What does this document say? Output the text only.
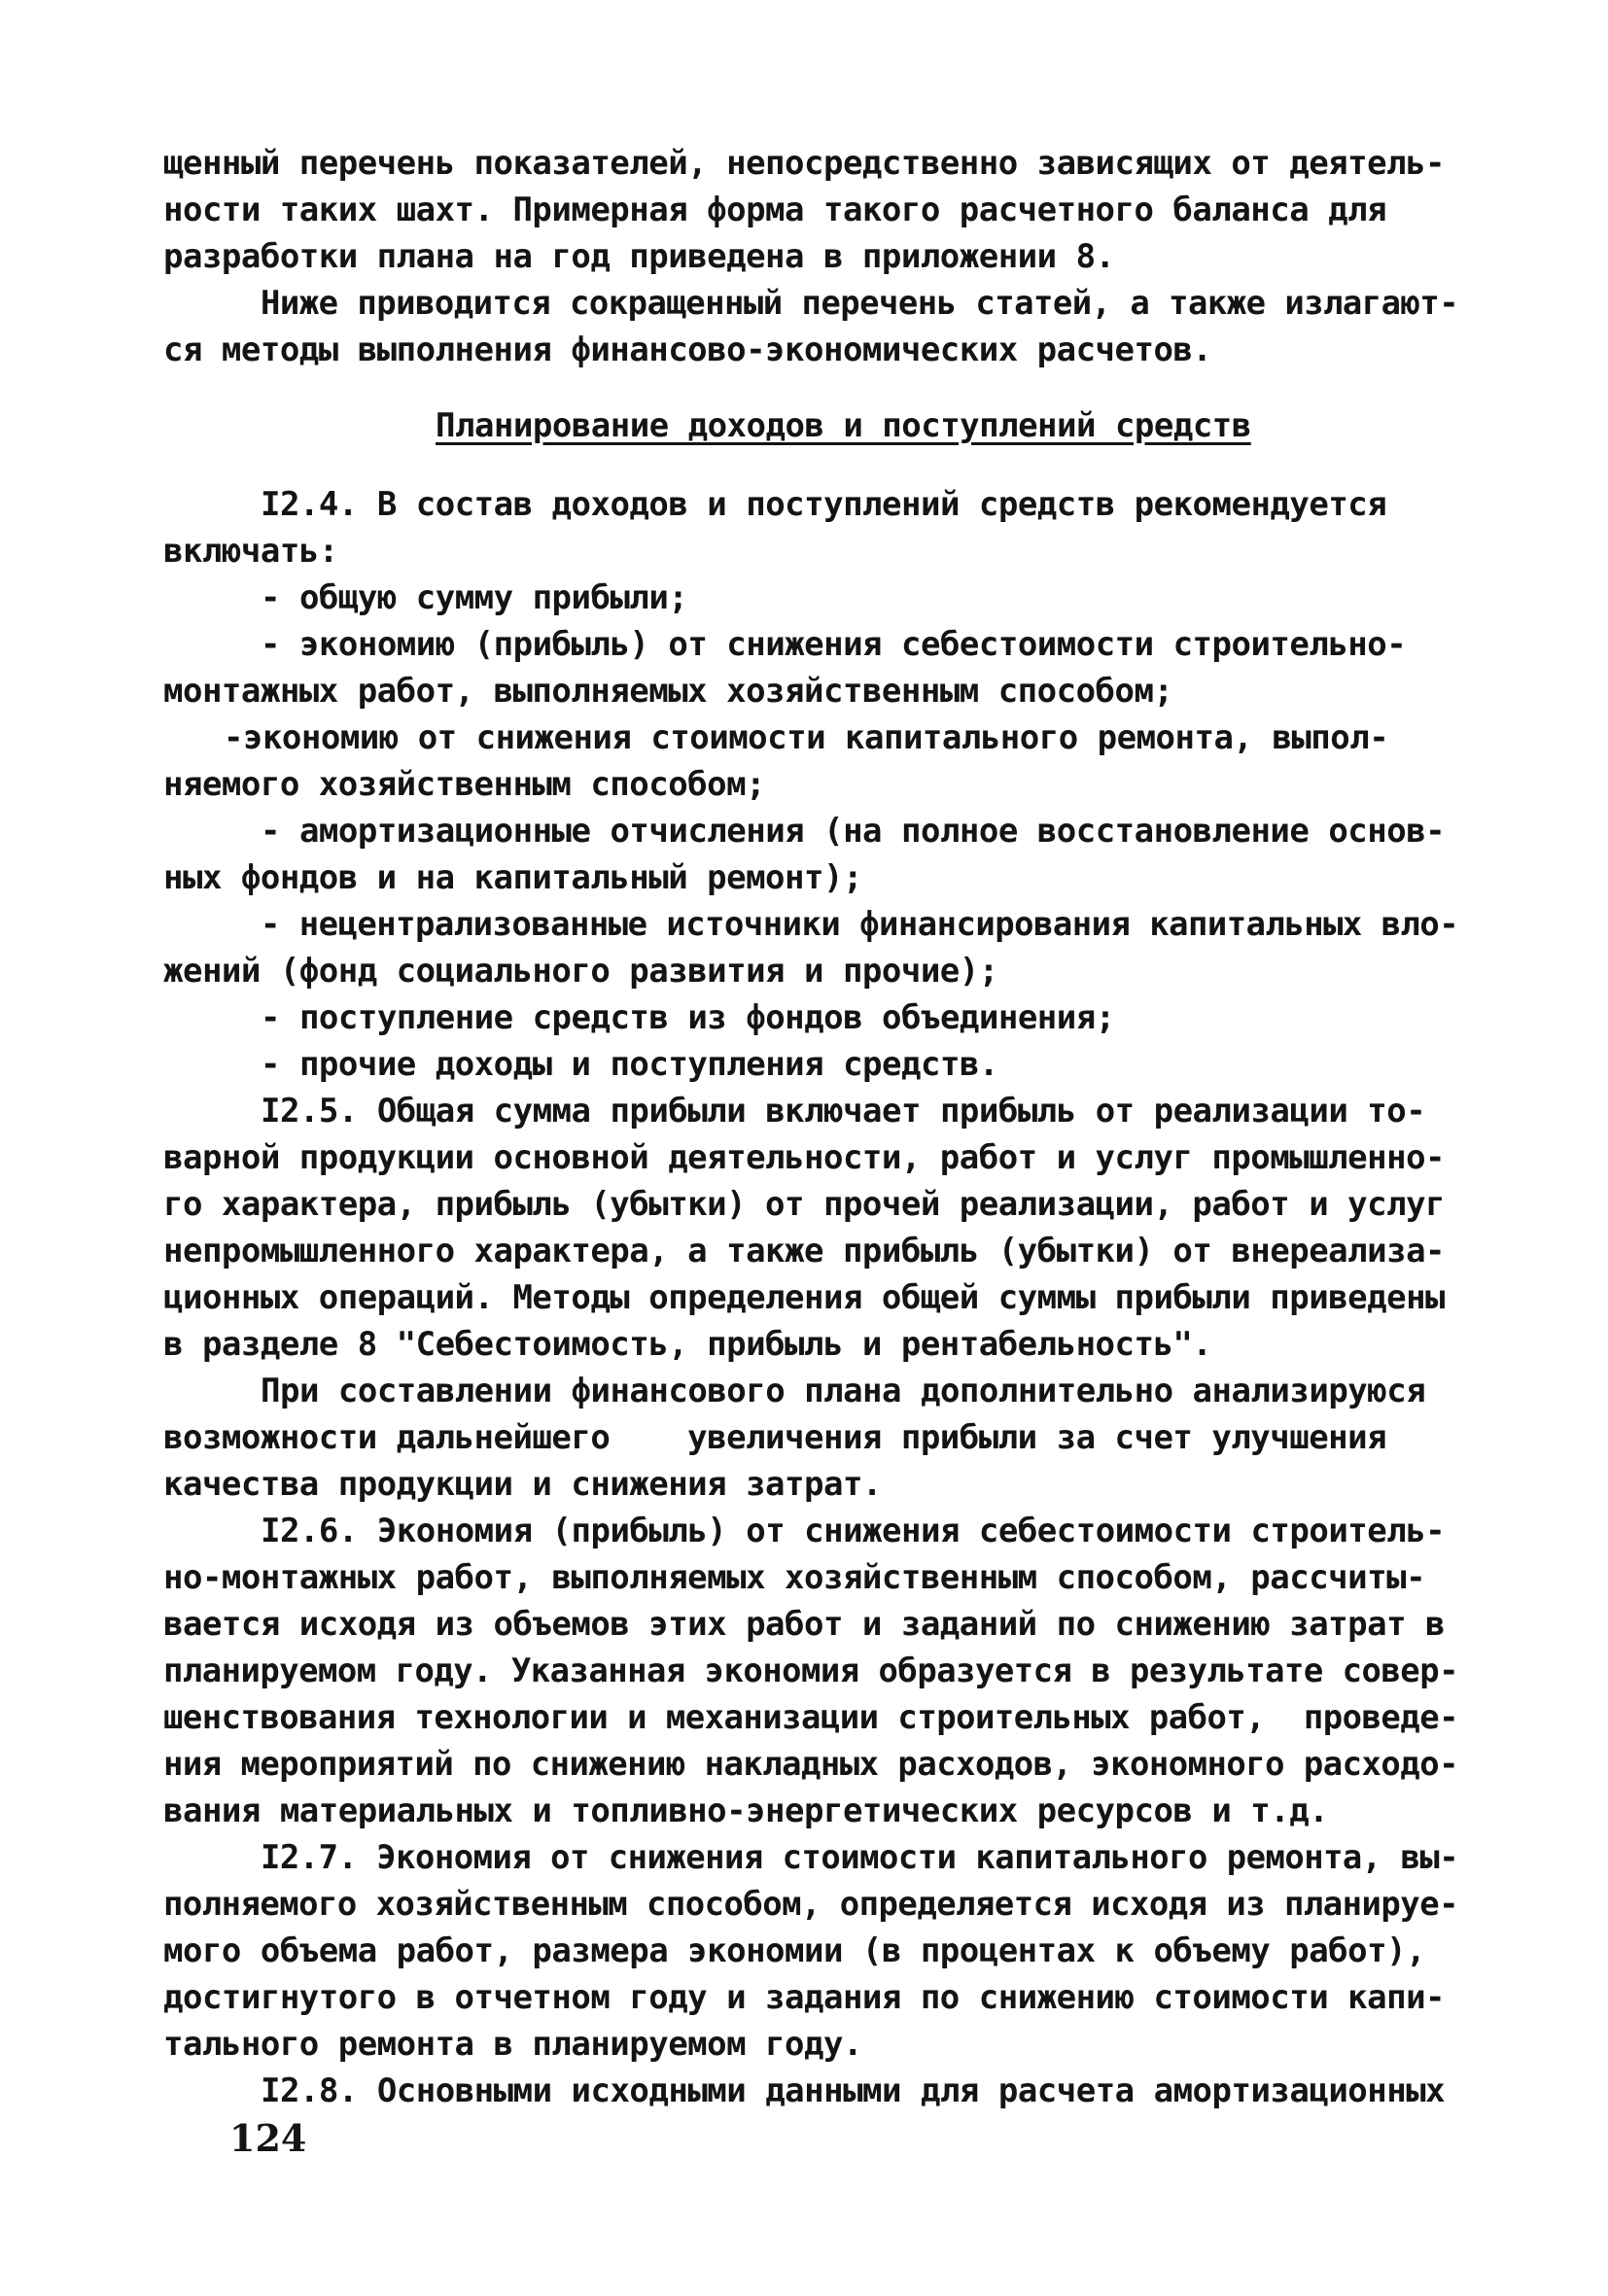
щенный перечень показателей, непосредственно зависящих от деятель-
ности таких шахт. Примерная форма такого расчетного баланса для
разработки плана на год приведена в приложении 8.
Ниже приводится сокращенный перечень статей, а также излагают-
ся методы выполнения финансово-экономических расчетов.
Планирование доходов и поступлений средств
I2.4. В состав доходов и поступлений средств рекомендуется
включать:
- общую сумму прибыли;
- экономию (прибыль) от снижения себестоимости строительно-
монтажных работ, выполняемых хозяйственным способом;
-экономию от снижения стоимости капитального ремонта, выпол-
няемого хозяйственным способом;
- амортизационные отчисления (на полное восстановление основ-
ных фондов и на капитальный ремонт);
- нецентрализованные источники финансирования капитальных вло-
жений (фонд социального развития и прочие);
- поступление средств из фондов объединения;
- прочие доходы и поступления средств.
I2.5. Общая сумма прибыли включает прибыль от реализации то-
варной продукции основной деятельности, работ и услуг промышленно-
го характера, прибыль (убытки) от прочей реализации, работ и услуг
непромышленного характера, а также прибыль (убытки) от внереализа-
ционных операций. Методы определения общей суммы прибыли приведены
в разделе 8 "Себестоимость, прибыль и рентабельность".
При составлении финансового плана дополнительно анализируюся
возможности дальнейшего    увеличения прибыли за счет улучшения
качества продукции и снижения затрат.
I2.6. Экономия (прибыль) от снижения себестоимости строитель-
но-монтажных работ, выполняемых хозяйственным способом, рассчиты-
вается исходя из объемов этих работ и заданий по снижению затрат в
планируемом году. Указанная экономия образуется в результате совер-
шенствования технологии и механизации строительных работ,  проведе-
ния мероприятий по снижению накладных расходов, экономного расходо-
вания материальных и топливно-энергетических ресурсов и т.д.
I2.7. Экономия от снижения стоимости капитального ремонта, вы-
полняемого хозяйственным способом, определяется исходя из планируе-
мого объема работ, размера экономии (в процентах к объему работ),
достигнутого в отчетном году и задания по снижению стоимости капи-
тального ремонта в планируемом году.
I2.8. Основными исходными данными для расчета амортизационных
124
